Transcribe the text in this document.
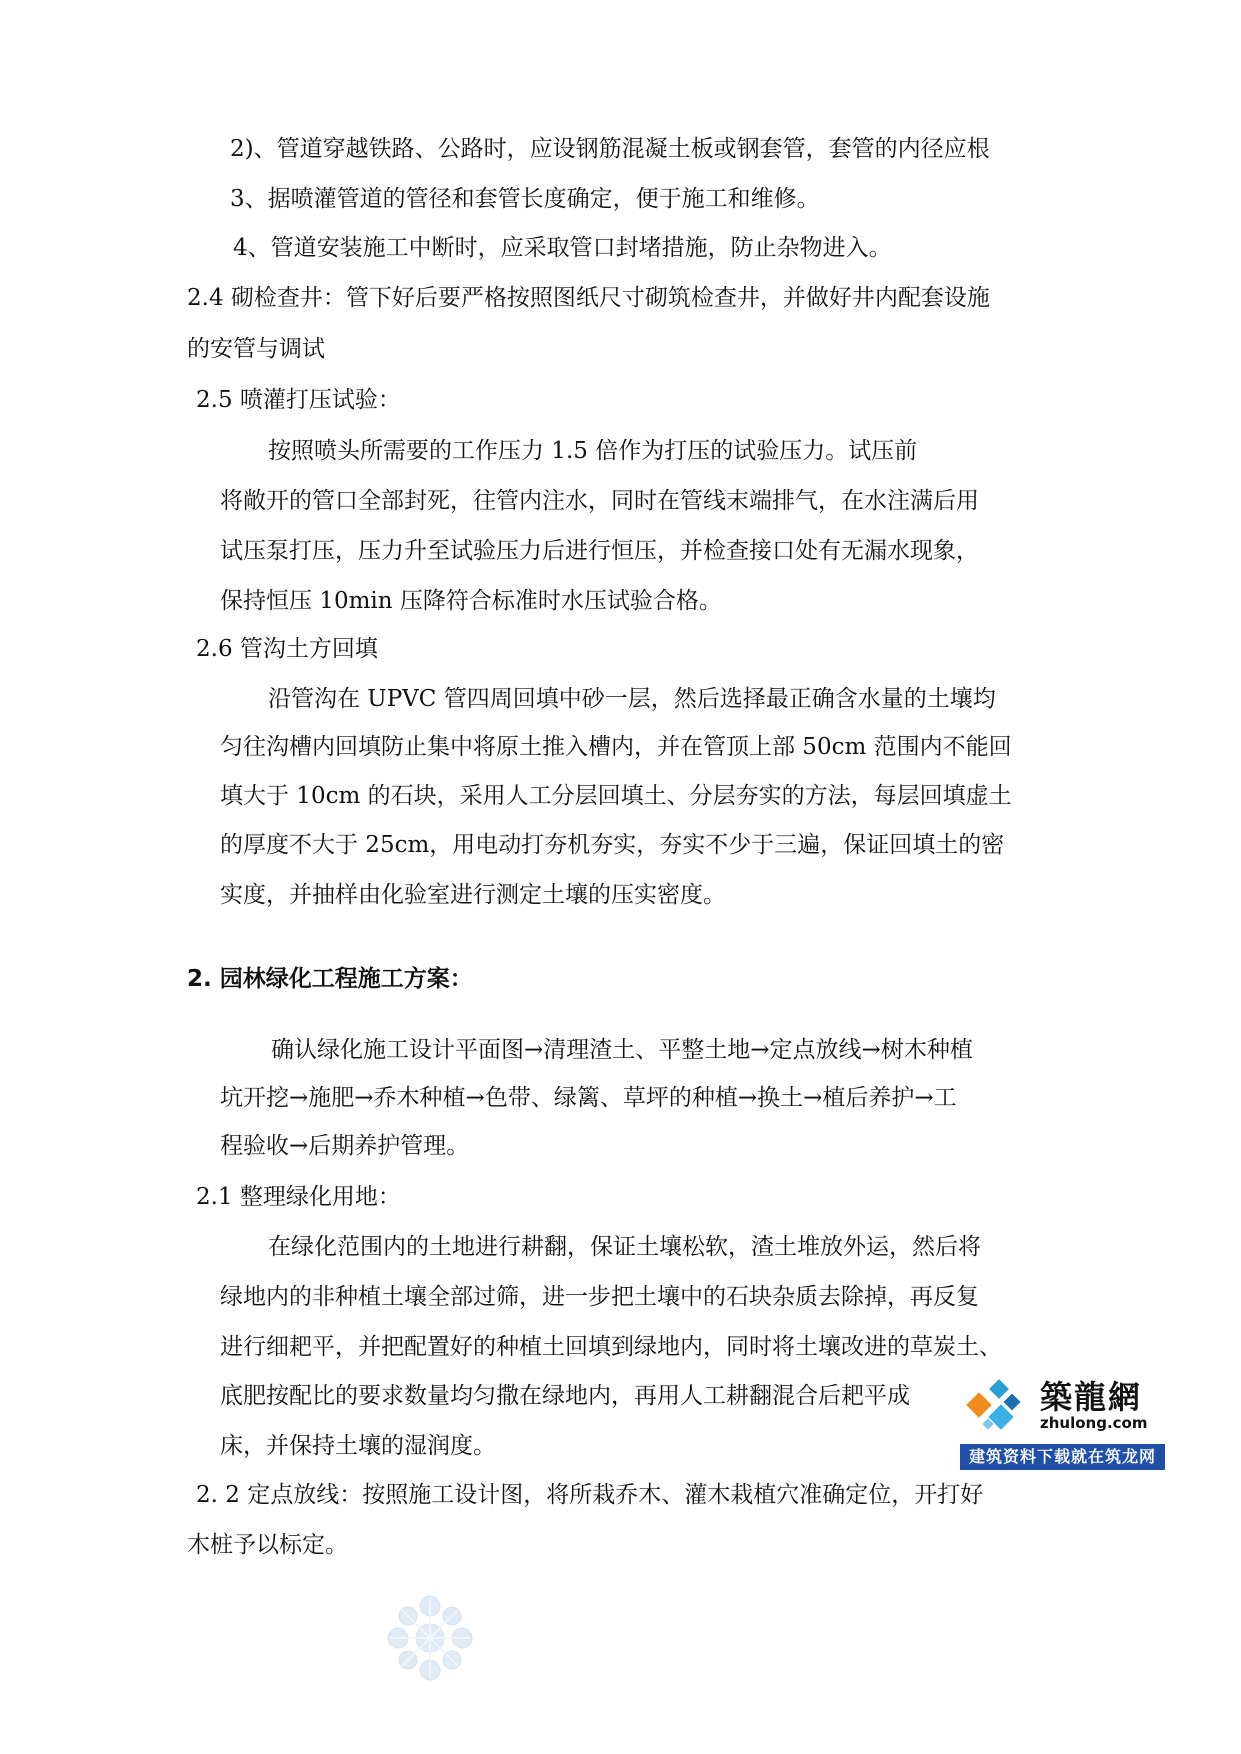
2)、管道穿越铁路、公路时，应设钢筋混凝土板或钢套管，套管的内径应根
3、据喷灌管道的管径和套管长度确定，便于施工和维修。
4、管道安装施工中断时，应采取管口封堵措施，防止杂物进入。
2.4 砌检查井：管下好后要严格按照图纸尺寸砌筑检查井，并做好井内配套设施
的安管与调试
2.5 喷灌打压试验：
按照喷头所需要的工作压力 1.5 倍作为打压的试验压力。试压前
将敞开的管口全部封死，往管内注水，同时在管线末端排气，在水注满后用
试压泵打压，压力升至试验压力后进行恒压，并检查接口处有无漏水现象，
保持恒压 10min 压降符合标准时水压试验合格。
2.6 管沟土方回填
沿管沟在 UPVC 管四周回填中砂一层，然后选择最正确含水量的土壤均
匀往沟槽内回填防止集中将原土推入槽内，并在管顶上部 50cm 范围内不能回
填大于 10cm 的石块，采用人工分层回填土、分层夯实的方法，每层回填虚土
的厚度不大于 25cm，用电动打夯机夯实，夯实不少于三遍，保证回填土的密
实度，并抽样由化验室进行测定土壤的压实密度。
2. 园林绿化工程施工方案：
确认绿化施工设计平面图→清理渣土、平整土地→定点放线→树木种植
坑开挖→施肥→乔木种植→色带、绿篱、草坪的种植→换土→植后养护→工
程验收→后期养护管理。
2.1 整理绿化用地：
在绿化范围内的土地进行耕翻，保证土壤松软，渣土堆放外运，然后将
绿地内的非种植土壤全部过筛，进一步把土壤中的石块杂质去除掉，再反复
进行细耙平，并把配置好的种植土回填到绿地内，同时将土壤改进的草炭土、
底肥按配比的要求数量均匀撒在绿地内，再用人工耕翻混合后耙平成
床，并保持土壤的湿润度。
2. 2 定点放线：按照施工设计图，将所栽乔木、灌木栽植穴准确定位，开打好
木桩予以标定。
築龍網
zhulong.com
建筑资料下载就在筑龙网
